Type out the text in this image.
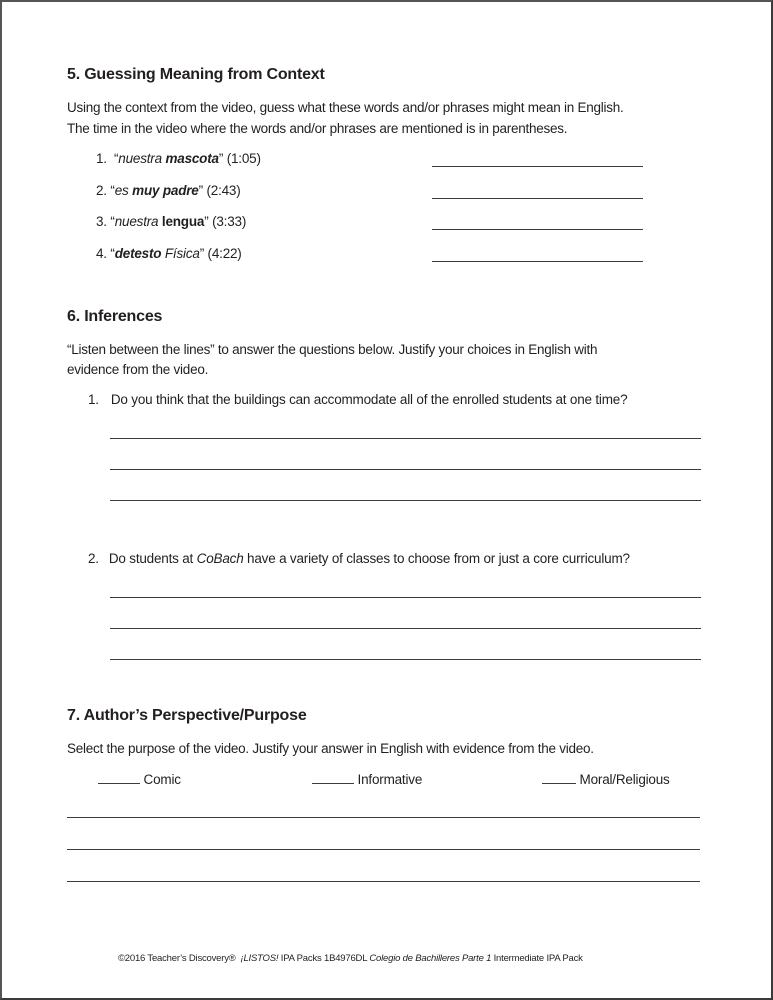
5. Guessing Meaning from Context
Using the context from the video, guess what these words and/or phrases might mean in English.
The time in the video where the words and/or phrases are mentioned is in parentheses.
1. “nuestra mascota” (1:05)
2. “es muy padre” (2:43)
3. “nuestra lengua” (3:33)
4. “detesto Física” (4:22)
6. Inferences
“Listen between the lines” to answer the questions below. Justify your choices in English with
evidence from the video.
1. Do you think that the buildings can accommodate all of the enrolled students at one time?
2. Do students at CoBach have a variety of classes to choose from or just a core curriculum?
7. Author’s Perspective/Purpose
Select the purpose of the video. Justify your answer in English with evidence from the video.
Comic	Informative	Moral/Religious
©2016 Teacher’s Discovery® ¡LISTOS! IPA Packs 1B4976DL Colegio de Bachilleres Parte 1 Intermediate IPA Pack
